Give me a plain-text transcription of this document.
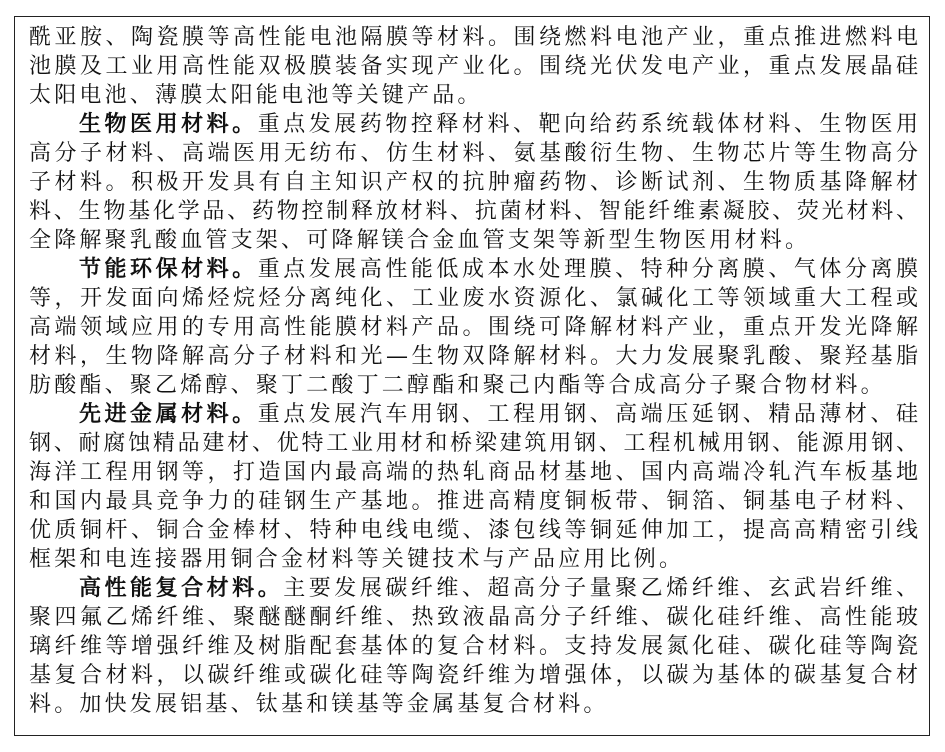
酰亚胺、陶瓷膜等高性能电池隔膜等材料。围绕燃料电池产业，重点推进燃料电
池膜及工业用高性能双极膜装备实现产业化。围绕光伏发电产业，重点发展晶硅
太阳电池、薄膜太阳能电池等关键产品。
生物医用材料。重点发展药物控释材料、靶向给药系统载体材料、生物医用
高分子材料、高端医用无纺布、仿生材料、氨基酸衍生物、生物芯片等生物高分
子材料。积极开发具有自主知识产权的抗肿瘤药物、诊断试剂、生物质基降解材
料、生物基化学品、药物控制释放材料、抗菌材料、智能纤维素凝胶、荧光材料、
全降解聚乳酸血管支架、可降解镁合金血管支架等新型生物医用材料。
节能环保材料。重点发展高性能低成本水处理膜、特种分离膜、气体分离膜
等，开发面向烯烃烷烃分离纯化、工业废水资源化、氯碱化工等领域重大工程或
高端领域应用的专用高性能膜材料产品。围绕可降解材料产业，重点开发光降解
材料，生物降解高分子材料和光—生物双降解材料。大力发展聚乳酸、聚羟基脂
肪酸酯、聚乙烯醇、聚丁二酸丁二醇酯和聚己内酯等合成高分子聚合物材料。
先进金属材料。重点发展汽车用钢、工程用钢、高端压延钢、精品薄材、硅
钢、耐腐蚀精品建材、优特工业用材和桥梁建筑用钢、工程机械用钢、能源用钢、
海洋工程用钢等，打造国内最高端的热轧商品材基地、国内高端冷轧汽车板基地
和国内最具竞争力的硅钢生产基地。推进高精度铜板带、铜箔、铜基电子材料、
优质铜杆、铜合金棒材、特种电线电缆、漆包线等铜延伸加工，提高高精密引线
框架和电连接器用铜合金材料等关键技术与产品应用比例。
高性能复合材料。主要发展碳纤维、超高分子量聚乙烯纤维、玄武岩纤维、
聚四氟乙烯纤维、聚醚醚酮纤维、热致液晶高分子纤维、碳化硅纤维、高性能玻
璃纤维等增强纤维及树脂配套基体的复合材料。支持发展氮化硅、碳化硅等陶瓷
基复合材料，以碳纤维或碳化硅等陶瓷纤维为增强体，以碳为基体的碳基复合材
料。加快发展铝基、钛基和镁基等金属基复合材料。
